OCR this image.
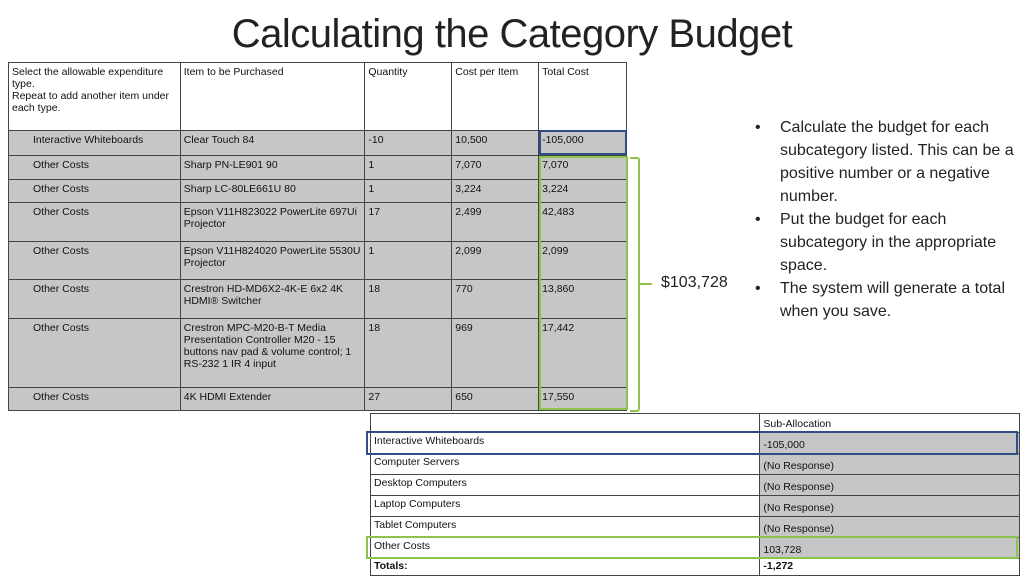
Calculating the Category Budget
Select the allowable expenditure type.
Repeat to add another item under each type.	Item to be Purchased	Quantity	Cost per Item	Total Cost
Interactive Whiteboards	Clear Touch 84	-10	10,500	-105,000
Other Costs	Sharp PN-LE901 90	1	7,070	7,070
Other Costs	Sharp LC-80LE661U 80	1	3,224	3,224
Other Costs	Epson V11H823022 PowerLite 697Ui Projector	17	2,499	42,483
Other Costs	Epson V11H824020 PowerLite 5530U Projector	1	2,099	2,099
Other Costs	Crestron HD-MD6X2-4K-E 6x2 4K HDMI® Switcher	18	770	13,860
Other Costs	Crestron MPC-M20-B-T Media Presentation Controller M20 - 15 buttons nav pad & volume control; 1 RS-232 1 IR 4 input	18	969	17,442
Other Costs	4K HDMI Extender	27	650	17,550
$103,728
• Calculate the budget for each subcategory listed. This can be a positive number or a negative number.
• Put the budget for each subcategory in the appropriate space.
• The system will generate a total when you save.
	Sub-Allocation
Interactive Whiteboards	-105,000
Computer Servers	(No Response)
Desktop Computers	(No Response)
Laptop Computers	(No Response)
Tablet Computers	(No Response)
Other Costs	103,728
Totals:	-1,272
